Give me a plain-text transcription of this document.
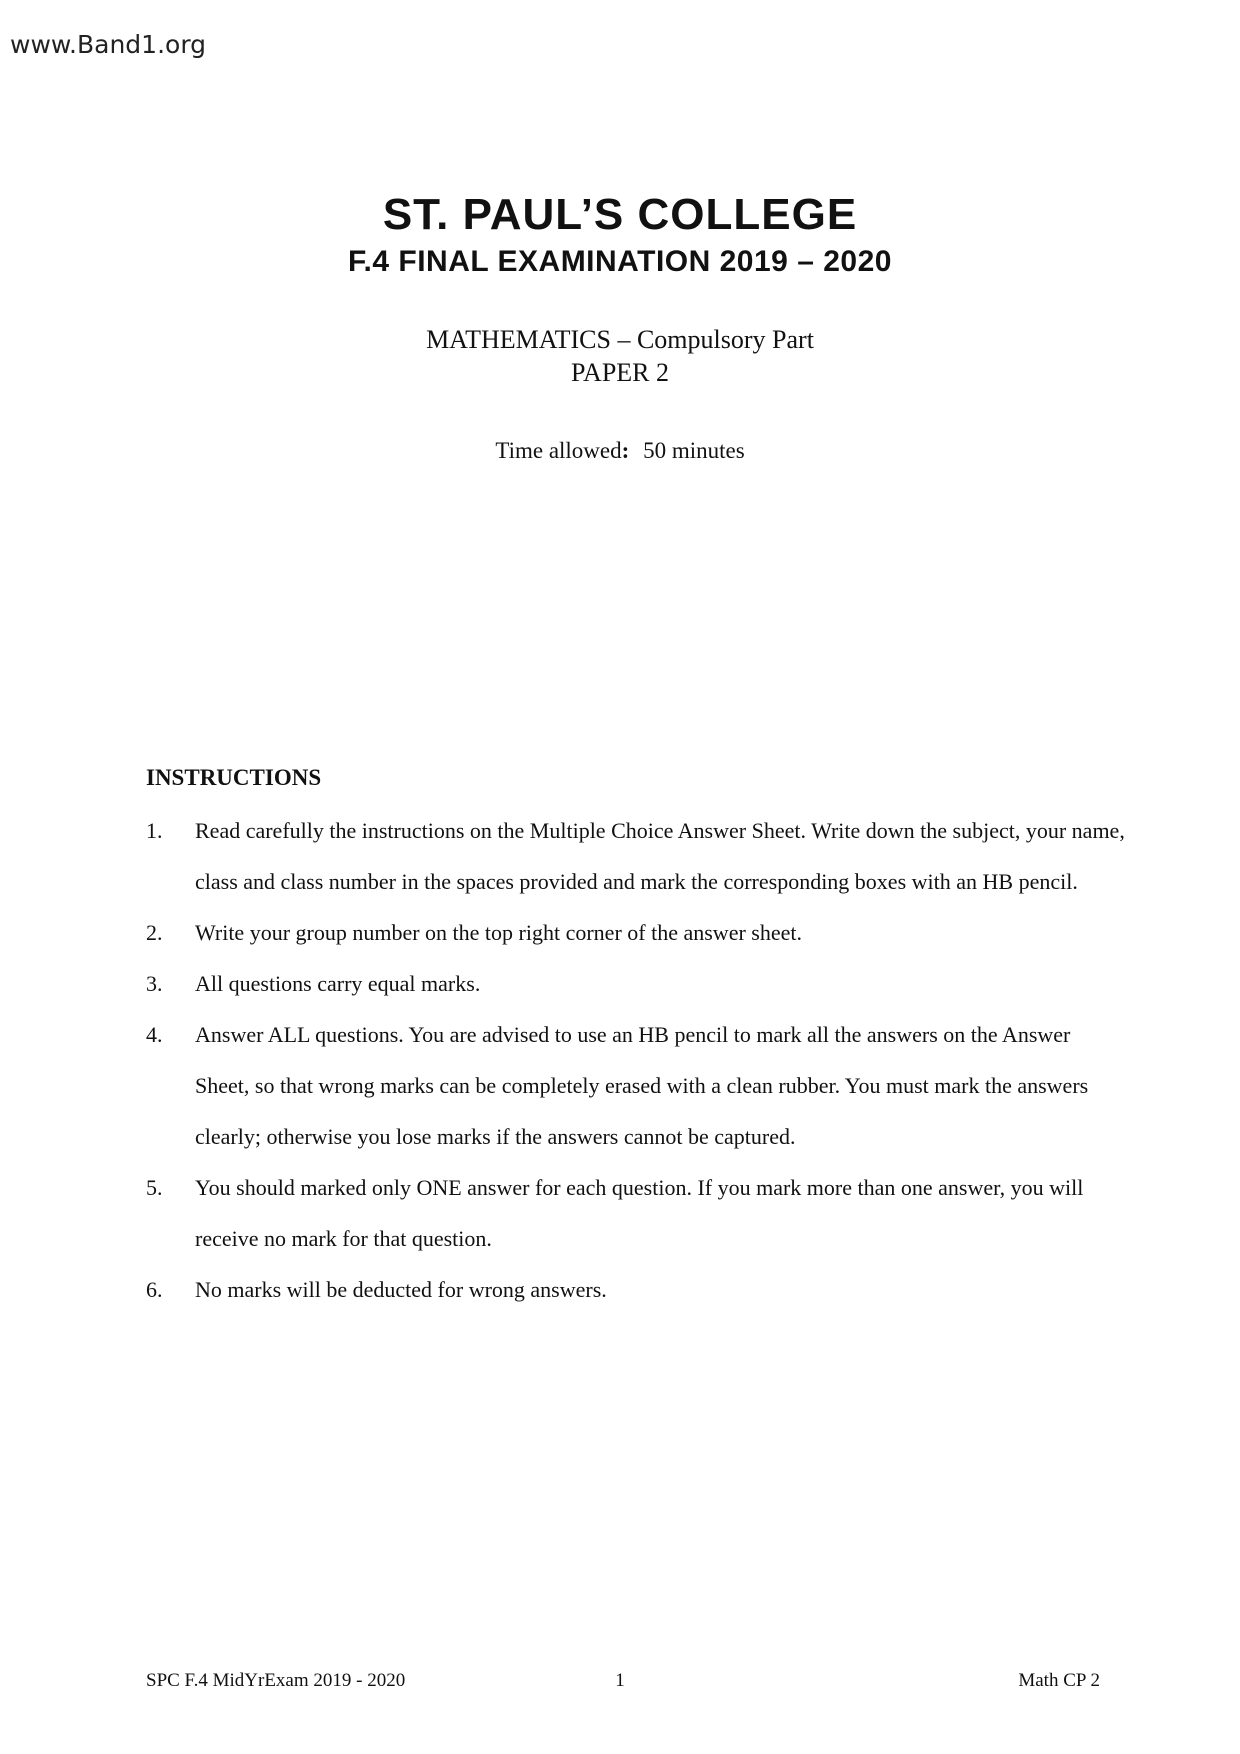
www.Band1.org
ST. PAUL’S COLLEGE
F.4 FINAL EXAMINATION 2019 – 2020
MATHEMATICS – Compulsory Part
PAPER 2
Time allowed: 50 minutes
INSTRUCTIONS
1.	Read carefully the instructions on the Multiple Choice Answer Sheet. Write down the subject, your name, class and class number in the spaces provided and mark the corresponding boxes with an HB pencil.
2.	Write your group number on the top right corner of the answer sheet.
3.	All questions carry equal marks.
4.	Answer ALL questions. You are advised to use an HB pencil to mark all the answers on the Answer Sheet, so that wrong marks can be completely erased with a clean rubber. You must mark the answers clearly; otherwise you lose marks if the answers cannot be captured.
5.	You should marked only ONE answer for each question. If you mark more than one answer, you will receive no mark for that question.
6.	No marks will be deducted for wrong answers.
SPC F.4 MidYrExam 2019 - 2020	1	Math CP 2
